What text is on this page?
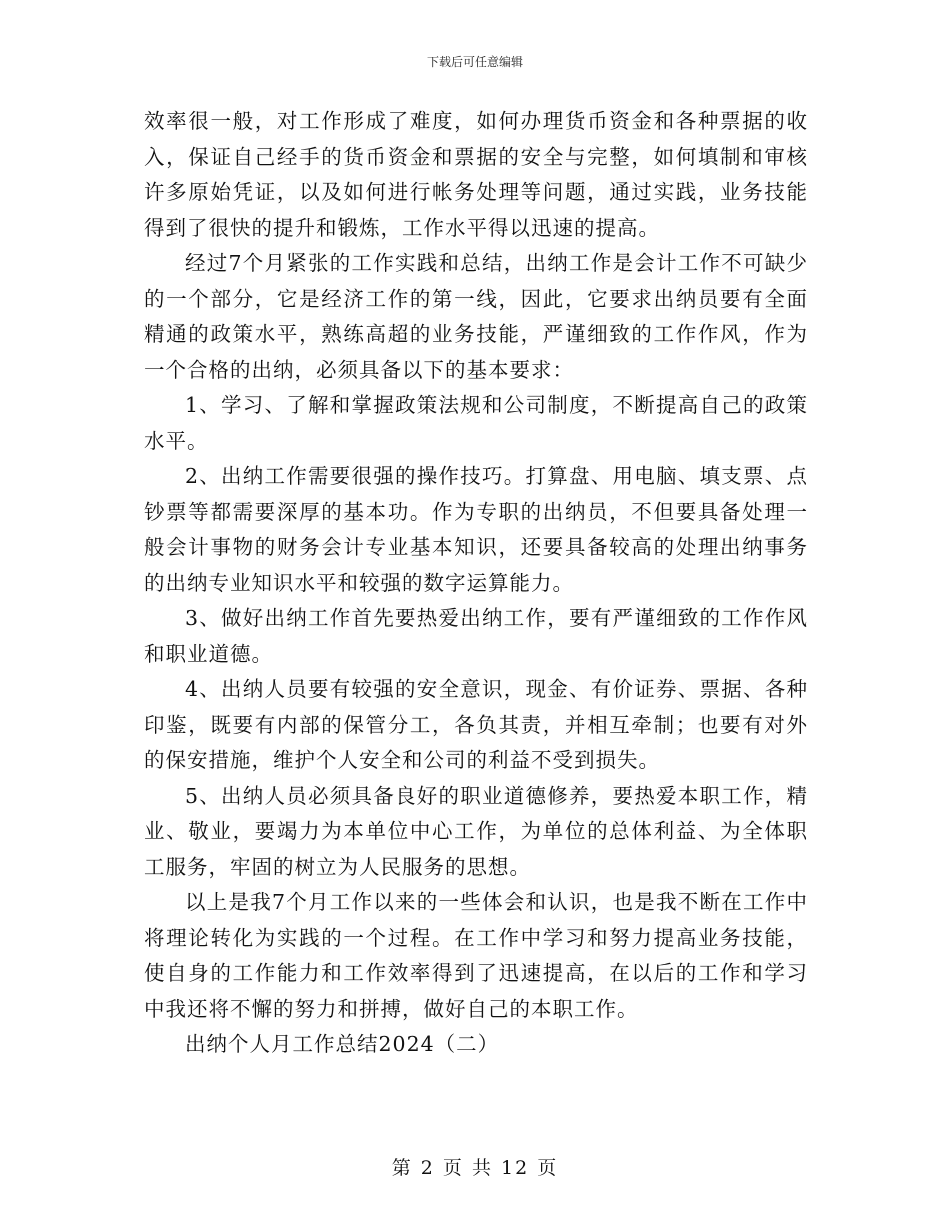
下载后可任意编辑

效率很一般，对工作形成了难度，如何办理货币资金和各种票据的收入，保证自己经手的货币资金和票据的安全与完整，如何填制和审核许多原始凭证，以及如何进行帐务处理等问题，通过实践，业务技能得到了很快的提升和锻炼，工作水平得以迅速的提高。

经过7个月紧张的工作实践和总结，出纳工作是会计工作不可缺少的一个部分，它是经济工作的第一线，因此，它要求出纳员要有全面精通的政策水平，熟练高超的业务技能，严谨细致的工作作风，作为一个合格的出纳，必须具备以下的基本要求：

1、学习、了解和掌握政策法规和公司制度，不断提高自己的政策水平。

2、出纳工作需要很强的操作技巧。打算盘、用电脑、填支票、点钞票等都需要深厚的基本功。作为专职的出纳员，不但要具备处理一般会计事物的财务会计专业基本知识，还要具备较高的处理出纳事务的出纳专业知识水平和较强的数字运算能力。

3、做好出纳工作首先要热爱出纳工作，要有严谨细致的工作作风和职业道德。

4、出纳人员要有较强的安全意识，现金、有价证券、票据、各种印鉴，既要有内部的保管分工，各负其责，并相互牵制；也要有对外的保安措施，维护个人安全和公司的利益不受到损失。

5、出纳人员必须具备良好的职业道德修养，要热爱本职工作，精业、敬业，要竭力为本单位中心工作，为单位的总体利益、为全体职工服务，牢固的树立为人民服务的思想。

以上是我7个月工作以来的一些体会和认识，也是我不断在工作中将理论转化为实践的一个过程。在工作中学习和努力提高业务技能，使自身的工作能力和工作效率得到了迅速提高，在以后的工作和学习中我还将不懈的努力和拼搏，做好自己的本职工作。

出纳个人月工作总结2024（二）

第 2 页 共 12 页
